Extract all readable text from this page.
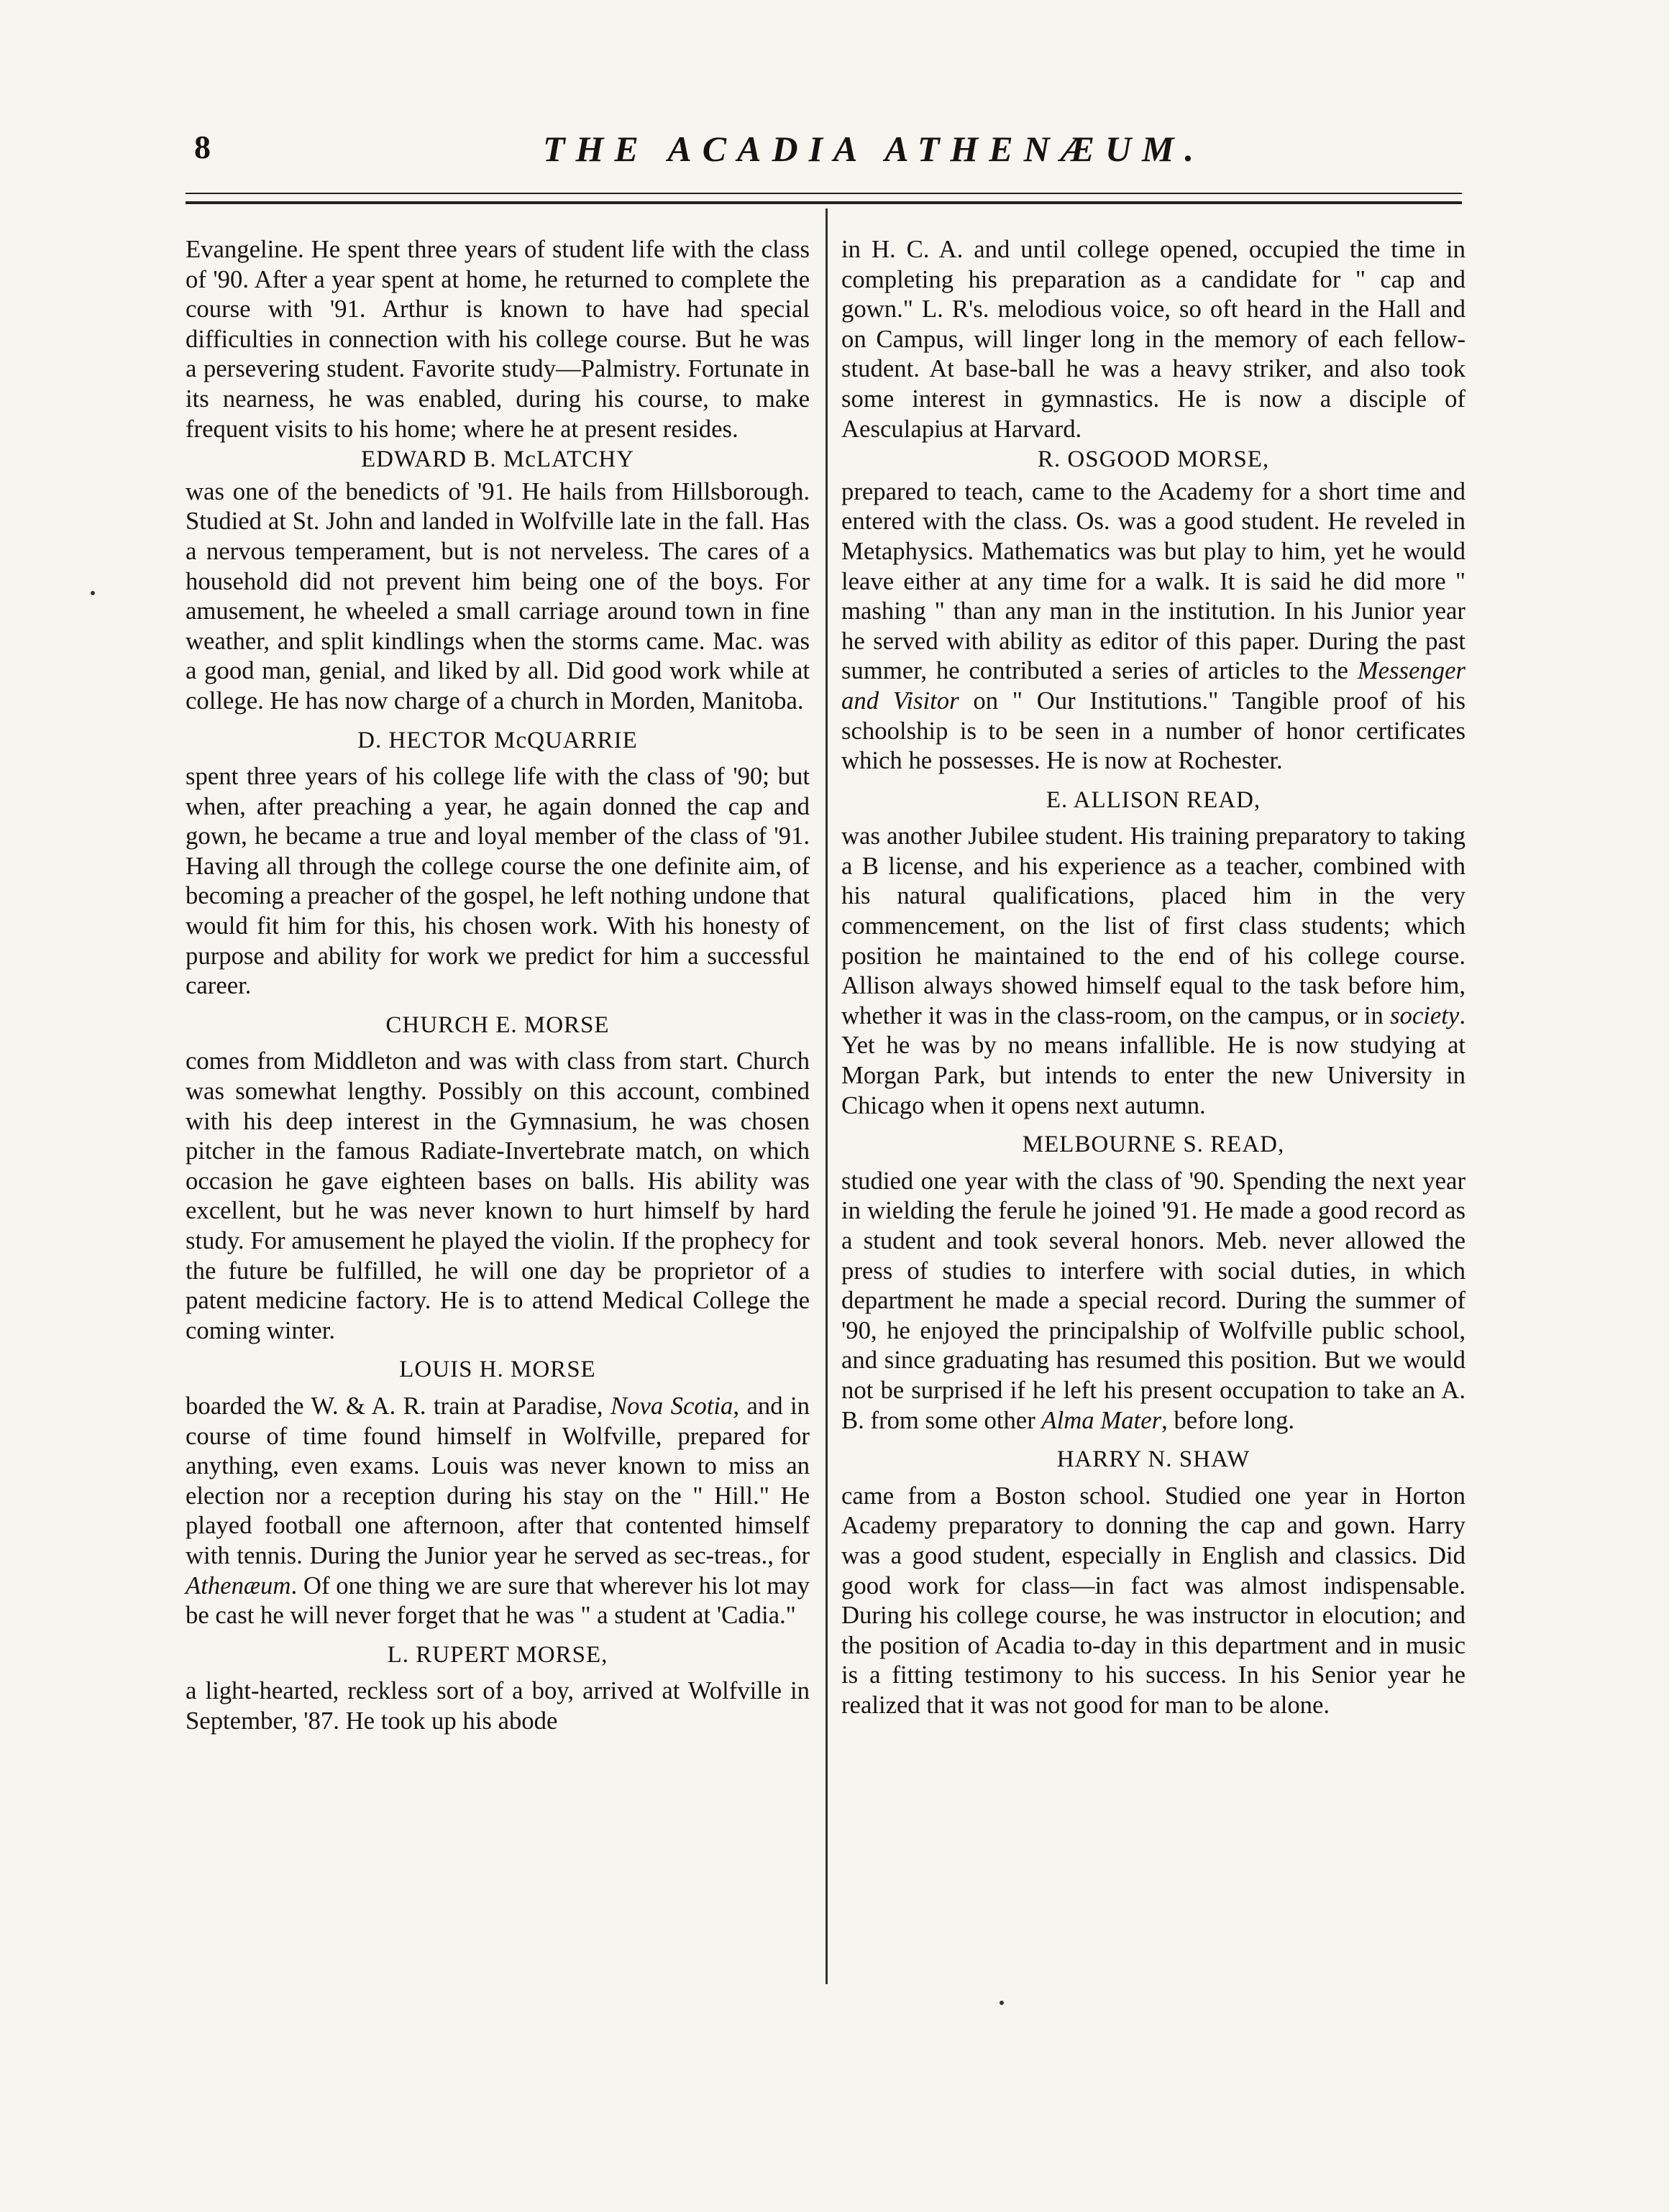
8	THE ACADIA ATHENÆUM.

Evangeline. He spent three years of student life with the class of '90. After a year spent at home, he returned to complete the course with '91. Arthur is known to have had special difficulties in connection with his college course. But he was a persevering student. Favorite study—Palmistry. Fortunate in its nearness, he was enabled, during his course, to make frequent visits to his home; where he at present resides.

EDWARD B. McLATCHY

was one of the benedicts of '91. He hails from Hillsborough. Studied at St. John and landed in Wolfville late in the fall. Has a nervous temperament, but is not nerveless. The cares of a household did not prevent him being one of the boys. For amusement, he wheeled a small carriage around town in fine weather, and split kindlings when the storms came. Mac. was a good man, genial, and liked by all. Did good work while at college. He has now charge of a church in Morden, Manitoba.

D. HECTOR McQUARRIE

spent three years of his college life with the class of '90; but when, after preaching a year, he again donned the cap and gown, he became a true and loyal member of the class of '91. Having all through the college course the one definite aim, of becoming a preacher of the gospel, he left nothing undone that would fit him for this, his chosen work. With his honesty of purpose and ability for work we predict for him a successful career.

CHURCH E. MORSE

comes from Middleton and was with class from start. Church was somewhat lengthy. Possibly on this account, combined with his deep interest in the Gymnasium, he was chosen pitcher in the famous Radiate-Invertebrate match, on which occasion he gave eighteen bases on balls. His ability was excellent, but he was never known to hurt himself by hard study. For amusement he played the violin. If the prophecy for the future be fulfilled, he will one day be proprietor of a patent medicine factory. He is to attend Medical College the coming winter.

LOUIS H. MORSE

boarded the W. & A. R. train at Paradise, Nova Scotia, and in course of time found himself in Wolfville, prepared for anything, even exams. Louis was never known to miss an election nor a reception during his stay on the " Hill." He played football one afternoon, after that contented himself with tennis. During the Junior year he served as sec-treas., for Athenæum. Of one thing we are sure that wherever his lot may be cast he will never forget that he was " a student at 'Cadia."

L. RUPERT MORSE,

a light-hearted, reckless sort of a boy, arrived at Wolfville in September, '87. He took up his abode

in H. C. A. and until college opened, occupied the time in completing his preparation as a candidate for " cap and gown." L. R's. melodious voice, so oft heard in the Hall and on Campus, will linger long in the memory of each fellow-student. At base-ball he was a heavy striker, and also took some interest in gymnastics. He is now a disciple of Aesculapius at Harvard.

R. OSGOOD MORSE,

prepared to teach, came to the Academy for a short time and entered with the class. Os. was a good student. He reveled in Metaphysics. Mathematics was but play to him, yet he would leave either at any time for a walk. It is said he did more " mashing " than any man in the institution. In his Junior year he served with ability as editor of this paper. During the past summer, he contributed a series of articles to the Messenger and Visitor on " Our Institutions." Tangible proof of his schoolship is to be seen in a number of honor certificates which he possesses. He is now at Rochester.

E. ALLISON READ,

was another Jubilee student. His training preparatory to taking a B license, and his experience as a teacher, combined with his natural qualifications, placed him in the very commencement, on the list of first class students; which position he maintained to the end of his college course. Allison always showed himself equal to the task before him, whether it was in the class-room, on the campus, or in society. Yet he was by no means infallible. He is now studying at Morgan Park, but intends to enter the new University in Chicago when it opens next autumn.

MELBOURNE S. READ,

studied one year with the class of '90. Spending the next year in wielding the ferule he joined '91. He made a good record as a student and took several honors. Meb. never allowed the press of studies to interfere with social duties, in which department he made a special record. During the summer of '90, he enjoyed the principalship of Wolfville public school, and since graduating has resumed this position. But we would not be surprised if he left his present occupation to take an A. B. from some other Alma Mater, before long.

HARRY N. SHAW

came from a Boston school. Studied one year in Horton Academy preparatory to donning the cap and gown. Harry was a good student, especially in English and classics. Did good work for class—in fact was almost indispensable. During his college course, he was instructor in elocution; and the position of Acadia to-day in this department and in music is a fitting testimony to his success. In his Senior year he realized that it was not good for man to be alone.
